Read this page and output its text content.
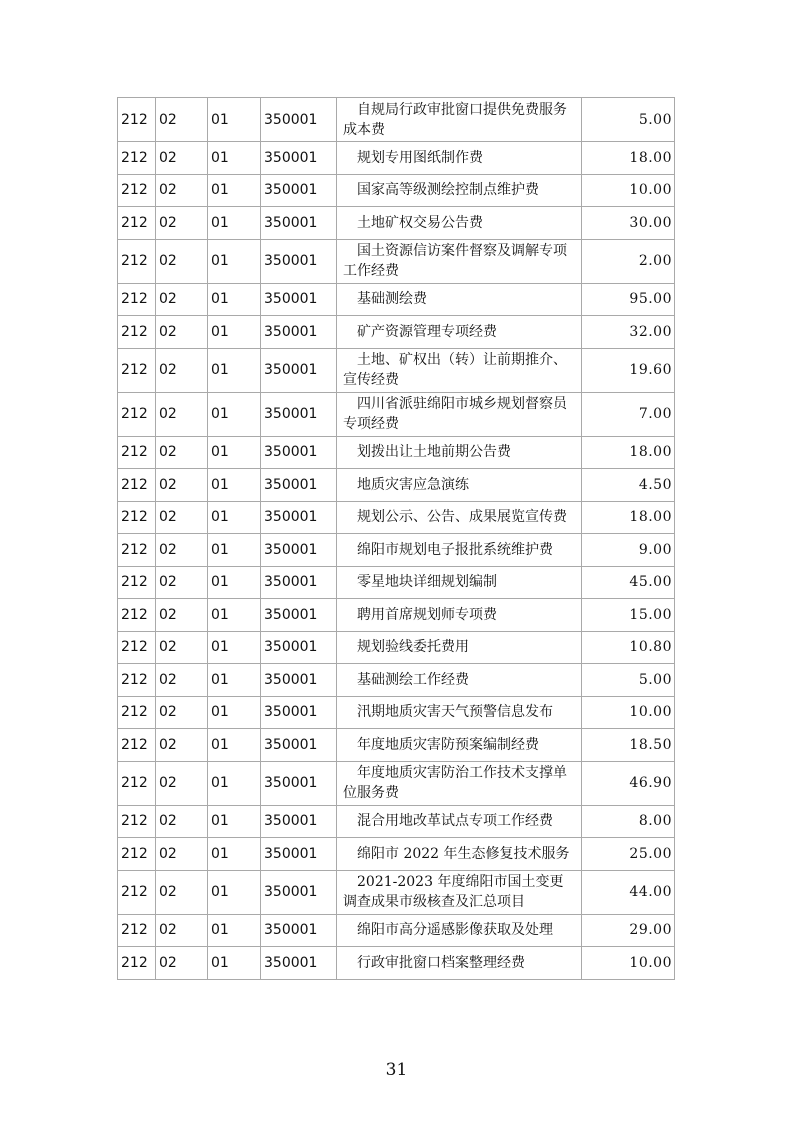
212	02	01	350001	自规局行政审批窗口提供免费服务成本费	5.00
212	02	01	350001	规划专用图纸制作费	18.00
212	02	01	350001	国家高等级测绘控制点维护费	10.00
212	02	01	350001	土地矿权交易公告费	30.00
212	02	01	350001	国土资源信访案件督察及调解专项工作经费	2.00
212	02	01	350001	基础测绘费	95.00
212	02	01	350001	矿产资源管理专项经费	32.00
212	02	01	350001	土地、矿权出（转）让前期推介、宣传经费	19.60
212	02	01	350001	四川省派驻绵阳市城乡规划督察员专项经费	7.00
212	02	01	350001	划拨出让土地前期公告费	18.00
212	02	01	350001	地质灾害应急演练	4.50
212	02	01	350001	规划公示、公告、成果展览宣传费	18.00
212	02	01	350001	绵阳市规划电子报批系统维护费	9.00
212	02	01	350001	零星地块详细规划编制	45.00
212	02	01	350001	聘用首席规划师专项费	15.00
212	02	01	350001	规划验线委托费用	10.80
212	02	01	350001	基础测绘工作经费	5.00
212	02	01	350001	汛期地质灾害天气预警信息发布	10.00
212	02	01	350001	年度地质灾害防预案编制经费	18.50
212	02	01	350001	年度地质灾害防治工作技术支撑单位服务费	46.90
212	02	01	350001	混合用地改革试点专项工作经费	8.00
212	02	01	350001	绵阳市 2022 年生态修复技术服务	25.00
212	02	01	350001	2021-2023 年度绵阳市国土变更调查成果市级核查及汇总项目	44.00
212	02	01	350001	绵阳市高分遥感影像获取及处理	29.00
212	02	01	350001	行政审批窗口档案整理经费	10.00
31
